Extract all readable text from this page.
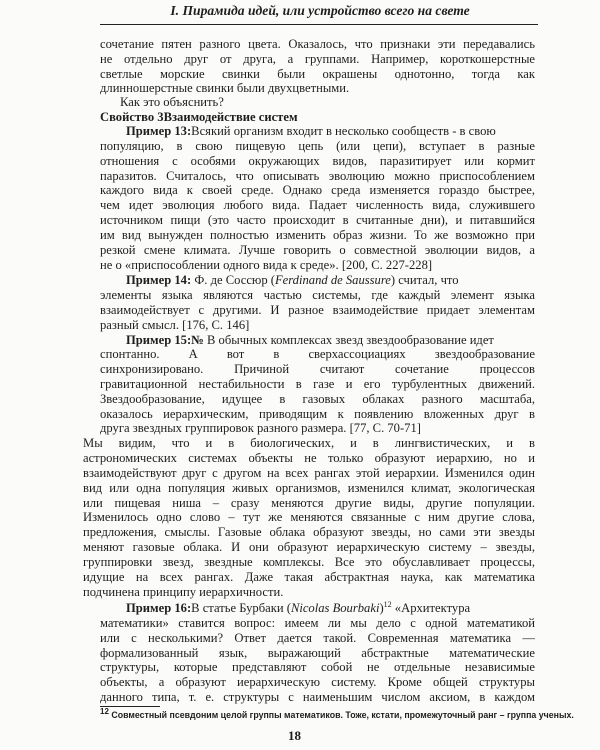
I. Пирамида идей, или устройство всего на свете
сочетание пятен разного цвета. Оказалось, что признаки эти передавались
не отдельно друг от друга, а группами. Например, короткошерстные
светлые морские свинки были окрашены однотонно, тогда как
длинношерстные свинки были двухцветными.
Как это объяснить?
Свойство 3Взаимодействие систем
Пример 13:Всякий организм входит в несколько сообществ - в свою
популяцию, в свою пищевую цепь (или цепи), вступает в разные
отношения с особями окружающих видов, паразитирует или кормит
паразитов. Считалось, что описывать эволюцию можно приспособлением
каждого вида к своей среде. Однако среда изменяется гораздо быстрее,
чем идет эволюция любого вида. Падает численность вида, служившего
источником пищи (это часто происходит в считанные дни), и питавшийся
им вид вынужден полностью изменить образ жизни. То же возможно при
резкой смене климата. Лучше говорить о совместной эволюции видов, а
не о «приспособлении одного вида к среде». [200, С. 227-228]
Пример 14: Ф. де Соссюр (Ferdinand de Saussure) считал, что
элементы языка являются частью системы, где каждый элемент языка
взаимодействует с другими. И разное взаимодействие придает элементам
разный смысл. [176, С. 146]
Пример 15:№ В обычных комплексах звезд звездообразование идет
спонтанно. А вот в сверхассоциациях звездообразование
синхронизировано. Причиной считают сочетание процессов
гравитационной нестабильности в газе и его турбулентных движений.
Звездообразование, идущее в газовых облаках разного масштаба,
оказалось иерархическим, приводящим к появлению вложенных друг в
друга звездных группировок разного размера. [77, С. 70-71]
Мы видим, что и в биологических, и в лингвистических, и в
астрономических системах объекты не только образуют иерархию, но и
взаимодействуют друг с другом на всех рангах этой иерархии. Изменился один
вид или одна популяция живых организмов, изменился климат, экологическая
или пищевая ниша – сразу меняются другие виды, другие популяции.
Изменилось одно слово – тут же меняются связанные с ним другие слова,
предложения, смыслы. Газовые облака образуют звезды, но сами эти звезды
меняют газовые облака. И они образуют иерархическую систему – звезды,
группировки звезд, звездные комплексы. Все это обуславливает процессы,
идущие на всех рангах. Даже такая абстрактная наука, как математика
подчинена принципу иерархичности.
Пример 16:В статье Бурбаки (Nicolas Bourbaki)$^{12}$ «Архитектура
$^{12}$ Совместный псевдоним целой группы математиков. Тоже, кстати, промежуточный ранг – группа ученых.
18
математики» ставится вопрос: имеем ли мы дело с одной математикой
или с несколькими? Ответ дается такой. Современная математика —
формализованный язык, выражающий абстрактные математические
структуры, которые представляют собой не отдельные независимые
объекты, а образуют иерархическую систему. Кроме общей структуры
данного типа, т. е. структуры с наименьшим числом аксиом, в каждом
